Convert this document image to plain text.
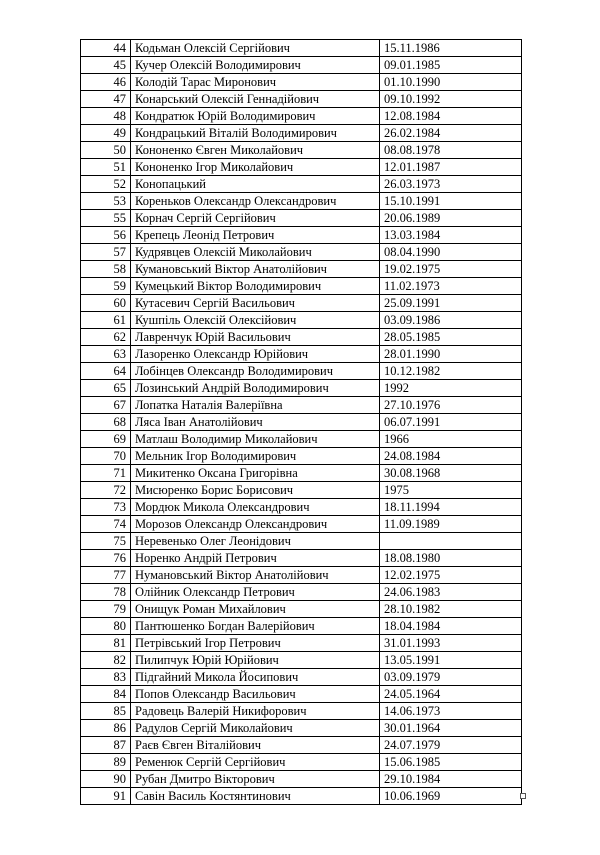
44	Кодьман Олексій Сергійович	15.11.1986
45	Кучер Олексій Володимирович	09.01.1985
46	Колодій Тарас Миронович	01.10.1990
47	Конарський Олексій Геннадійович	09.10.1992
48	Кондратюк Юрій Володимирович	12.08.1984
49	Кондрацький Віталій Володимирович	26.02.1984
50	Кононенко Євген Миколайович	08.08.1978
51	Кононенко Ігор Миколайович	12.01.1987
52	Конопацький	26.03.1973
53	Кореньков Олександр Олександрович	15.10.1991
55	Корнач Сергій Сергійович	20.06.1989
56	Крепець Леонід Петрович	13.03.1984
57	Кудрявцев Олексій Миколайович	08.04.1990
58	Кумановський Віктор Анатолійович	19.02.1975
59	Кумецький Віктор Володимирович	11.02.1973
60	Кутасевич Сергій Васильович	25.09.1991
61	Кушпіль Олексій Олексійович	03.09.1986
62	Лавренчук Юрій Васильович	28.05.1985
63	Лазоренко Олександр Юрійович	28.01.1990
64	Лобінцев Олександр Володимирович	10.12.1982
65	Лозинський Андрій Володимирович	1992
67	Лопатка Наталія Валеріївна	27.10.1976
68	Ляса Іван Анатолійович	06.07.1991
69	Матлаш Володимир Миколайович	1966
70	Мельник Ігор Володимирович	24.08.1984
71	Микитенко Оксана Григорівна	30.08.1968
72	Мисюренко Борис Борисович	1975
73	Мордюк Микола Олександрович	18.11.1994
74	Морозов Олександр Олександрович	11.09.1989
75	Нeревенько Олег Леонідович	
76	Норенко Андрій Петрович	18.08.1980
77	Нумановський Віктор Анатолійович	12.02.1975
78	Олійник Олександр Петрович	24.06.1983
79	Онищук Роман Михайлович	28.10.1982
80	Пантюшенко Богдан Валерійович	18.04.1984
81	Петрівський Ігор Петрович	31.01.1993
82	Пилипчук Юрій Юрійович	13.05.1991
83	Підгайний Микола Йосипович	03.09.1979
84	Попов Олександр Васильович	24.05.1964
85	Радовець Валерій Никифорович	14.06.1973
86	Радулов Сергій Миколайович	30.01.1964
87	Раєв Євген Віталійович	24.07.1979
89	Ременюк Сергій Сергійович	15.06.1985
90	Рубан Дмитро Вікторович	29.10.1984
91	Савін Василь Костянтинович	10.06.1969
